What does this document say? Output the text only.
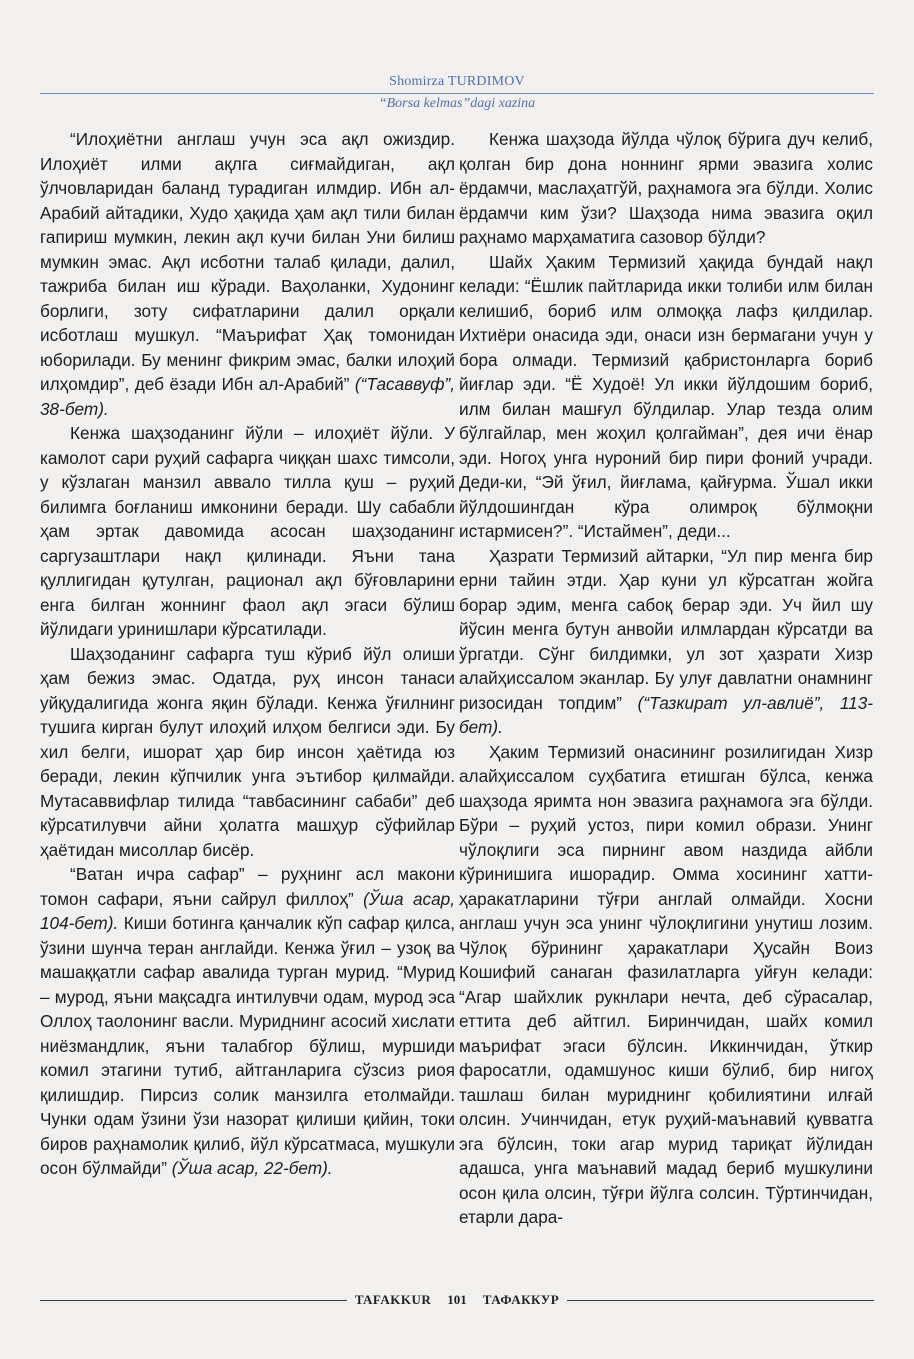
Shomirza TURDIMOV
“Borsa kelmas”dagi xazina

“Илоҳиётни англаш учун эса ақл ожиздир. Илоҳиёт илми ақлга сиғмайдиган, ақл ўлчовларидан баланд турадиган илмдир. Ибн ал-Арабий айтадики, Худо ҳақида ҳам ақл тили билан гапириш мумкин, лекин ақл кучи билан Уни билиш мумкин эмас. Ақл исботни талаб қилади, далил, тажриба билан иш кўради. Ваҳоланки, Худонинг борлиги, зоту сифатларини далил орқали исботлаш мушкул. “Маърифат Ҳақ томонидан юборилади. Бу менинг фикрим эмас, балки илоҳий илҳомдир”, деб ёзади Ибн ал-Арабий” (“Тасаввуф”, 38-бет).

Кенжа шаҳзоданинг йўли – илоҳиёт йўли. У камолот сари руҳий сафарга чиққан шахс тимсоли, у кўзлаган манзил аввало тилла қуш – руҳий билимга боғланиш имконини беради. Шу сабабли ҳам эртак давомида асосан шаҳзоданинг саргузаштлари нақл қилинади. Яъни тана қуллигидан қутулган, рационал ақл бўғовларини енга билган жоннинг фаол ақл эгаси бўлиш йўлидаги уринишлари кўрсатилади.

Шаҳзоданинг сафарга туш кўриб йўл олиши ҳам бежиз эмас. Одатда, руҳ инсон танаси уйқудалигида жонга яқин бўлади. Кенжа ўғилнинг тушига кирган булут илоҳий илҳом белгиси эди. Бу хил белги, ишорат ҳар бир инсон ҳаётида юз беради, лекин кўпчилик унга эътибор қилмайди. Мутасаввифлар тилида “тавбасининг сабаби” деб кўрсатилувчи айни ҳолатга машҳур сўфийлар ҳаётидан мисоллар бисёр.

“Ватан ичра сафар” – руҳнинг асл макони томон сафари, яъни сайрул филлоҳ” (Ўша асар, 104-бет). Киши ботинга қанчалик кўп сафар қилса, ўзини шунча теран англайди. Кенжа ўғил – узоқ ва машаққатли сафар авалида турган мурид. “Мурид – мурод, яъни мақсадга интилувчи одам, мурод эса Оллоҳ таолонинг васли. Муриднинг асосий хислати ниёзмандлик, яъни талабгор бўлиш, муршиди комил этагини тутиб, айтганларига сўзсиз риоя қилишдир. Пирсиз солик манзилга етолмайди. Чунки одам ўзини ўзи назорат қилиши қийин, токи биров раҳнамолик қилиб, йўл кўрсатмаса, мушкули осон бўлмайди” (Ўша асар, 22-бет).

Кенжа шаҳзода йўлда чўлоқ бўрига дуч келиб, қолган бир дона ноннинг ярми эвазига холис ёрдамчи, маслаҳатгўй, раҳнамога эга бўлди. Холис ёрдамчи ким ўзи? Шаҳзода нима эвазига оқил раҳнамо марҳаматига сазовор бўлди?

Шайх Ҳаким Термизий ҳақида бундай нақл келади: “Ёшлик пайтларида икки толиби илм билан келишиб, бориб илм олмоққа лафз қилдилар. Ихтиёри онасида эди, онаси изн бермагани учун у бора олмади. Термизий қабристонларга бориб йиғлар эди. “Ё Худоё! Ул икки йўлдошим бориб, илм билан машғул бўлдилар. Улар тезда олим бўлгайлар, мен жоҳил қолгайман”, дея ичи ёнар эди. Ногоҳ унга нуроний бир пири фоний учради. Деди-ки, “Эй ўғил, йиғлама, қайғурма. Ўшал икки йўлдошингдан кўра олимроқ бўлмоқни истармисен?”. “Истаймен”, деди...

Ҳазрати Термизий айтарки, “Ул пир менга бир ерни тайин этди. Ҳар куни ул кўрсатган жойга борар эдим, менга сабоқ берар эди. Уч йил шу йўсин менга бутун анвойи илмлардан кўрсатди ва ўргатди. Сўнг билдимки, ул зот ҳазрати Хизр алайҳиссалом эканлар. Бу улуғ давлатни онамнинг ризосидан топдим” (“Тазкират ул-авлиё”, 113-бет).

Ҳаким Термизий онасининг розилигидан Хизр алайҳиссалом суҳбатига етишган бўлса, кенжа шаҳзода яримта нон эвазига раҳнамога эга бўлди. Бўри – руҳий устоз, пири комил образи. Унинг чўлоқлиги эса пирнинг авом наздида айбли кўринишига ишорадир. Омма хосининг хатти-ҳаракатларини тўғри англай олмайди. Хосни англаш учун эса унинг чўлоқлигини унутиш лозим. Чўлоқ бўрининг ҳаракатлари Ҳусайн Воиз Кошифий санаган фазилатларга уйғун келади: “Агар шайхлик рукнлари нечта, деб сўрасалар, еттита деб айтгил. Биринчидан, шайх комил маърифат эгаси бўлсин. Иккинчидан, ўткир фаросатли, одамшунос киши бўлиб, бир нигоҳ ташлаш билан муриднинг қобилиятини илғай олсин. Учинчидан, етук руҳий-маънавий қувватга эга бўлсин, токи агар мурид тариқат йўлидан адашса, унга маънавий мадад бериб мушкулини осон қила олсин, тўғри йўлга солсин. Тўртинчидан, етарли дара-

TAFAKKUR	101	ТАФАККУР
